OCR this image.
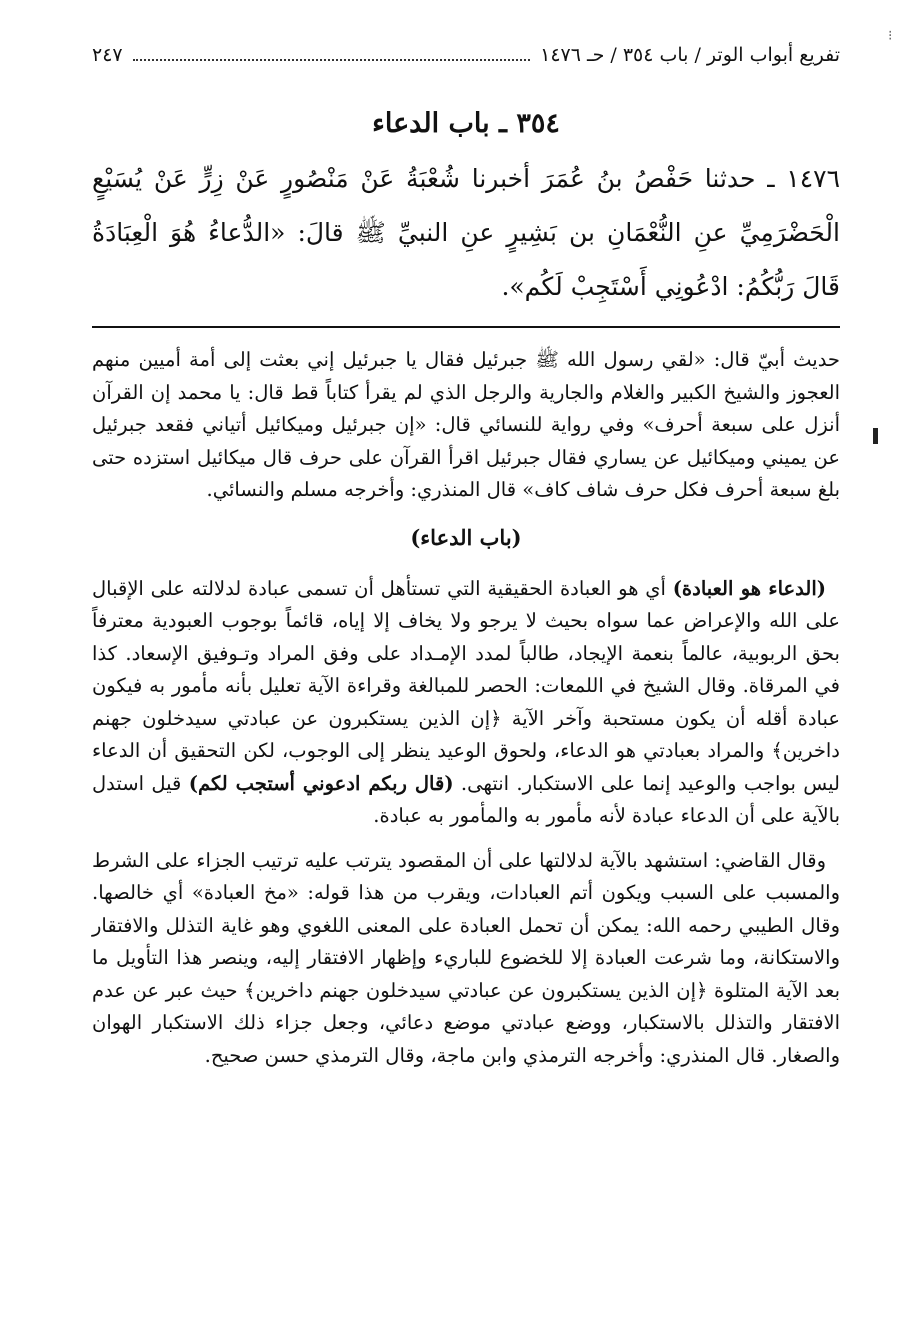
⁝
تفريع أبواب الوتر / باب ٣٥٤ / حـ ١٤٧٦
٢٤٧
٣٥٤ ـ باب الدعاء
١٤٧٦ ـ حدثنا حَفْصُ بنُ عُمَرَ أخبرنا شُعْبَةُ عَنْ مَنْصُورٍ عَنْ زِرٍّ عَنْ يُسَيْعٍ الْحَضْرَمِيِّ عنِ النُّعْمَانِ بن بَشِيرٍ عنِ النبيِّ ﷺ قالَ: «الدُّعاءُ هُوَ الْعِبَادَةُ قَالَ رَبُّكُمُ: ادْعُونِي أَسْتَجِبْ لَكُم».

حديث أبيّ قال: «لقي رسول الله ﷺ جبرئيل فقال يا جبرئيل إني بعثت إلى أمة أميين منهم العجوز والشيخ الكبير والغلام والجارية والرجل الذي لم يقرأ كتاباً قط قال: يا محمد إن القرآن أنزل على سبعة أحرف» وفي رواية للنسائي قال: «إن جبرئيل وميكائيل أتياني فقعد جبرئيل عن يميني وميكائيل عن يساري فقال جبرئيل اقرأ القرآن على حرف قال ميكائيل استزده حتى بلغ سبعة أحرف فكل حرف شاف كاف» قال المنذري: وأخرجه مسلم والنسائي.

(باب الدعاء)

(الدعاء هو العبادة) أي هو العبادة الحقيقية التي تستأهل أن تسمى عبادة لدلالته على الإقبال على الله والإعراض عما سواه بحيث لا يرجو ولا يخاف إلا إياه، قائماً بوجوب العبودية معترفاً بحق الربوبية، عالماً بنعمة الإيجاد، طالباً لمدد الإمـداد على وفق المراد وتـوفيق الإسعاد. كذا في المرقاة. وقال الشيخ في اللمعات: الحصر للمبالغة وقراءة الآية تعليل بأنه مأمور به فيكون عبادة أقله أن يكون مستحبة وآخر الآية ﴿إن الذين يستكبرون عن عبادتي سيدخلون جهنم داخرين﴾ والمراد بعبادتي هو الدعاء، ولحوق الوعيد ينظر إلى الوجوب، لكن التحقيق أن الدعاء ليس بواجب والوعيد إنما على الاستكبار. انتهى. (قال ربكم ادعوني أستجب لكم) قيل استدل بالآية على أن الدعاء عبادة لأنه مأمور به والمأمور به عبادة.

وقال القاضي: استشهد بالآية لدلالتها على أن المقصود يترتب عليه ترتيب الجزاء على الشرط والمسبب على السبب ويكون أتم العبادات، ويقرب من هذا قوله: «مخ العبادة» أي خالصها. وقال الطيبي رحمه الله: يمكن أن تحمل العبادة على المعنى اللغوي وهو غاية التذلل والافتقار والاستكانة، وما شرعت العبادة إلا للخضوع للباريء وإظهار الافتقار إليه، وينصر هذا التأويل ما بعد الآية المتلوة ﴿إن الذين يستكبرون عن عبادتي سيدخلون جهنم داخرين﴾ حيث عبر عن عدم الافتقار والتذلل بالاستكبار، ووضع عبادتي موضع دعائي، وجعل جزاء ذلك الاستكبار الهوان والصغار. قال المنذري: وأخرجه الترمذي وابن ماجة، وقال الترمذي حسن صحيح.
